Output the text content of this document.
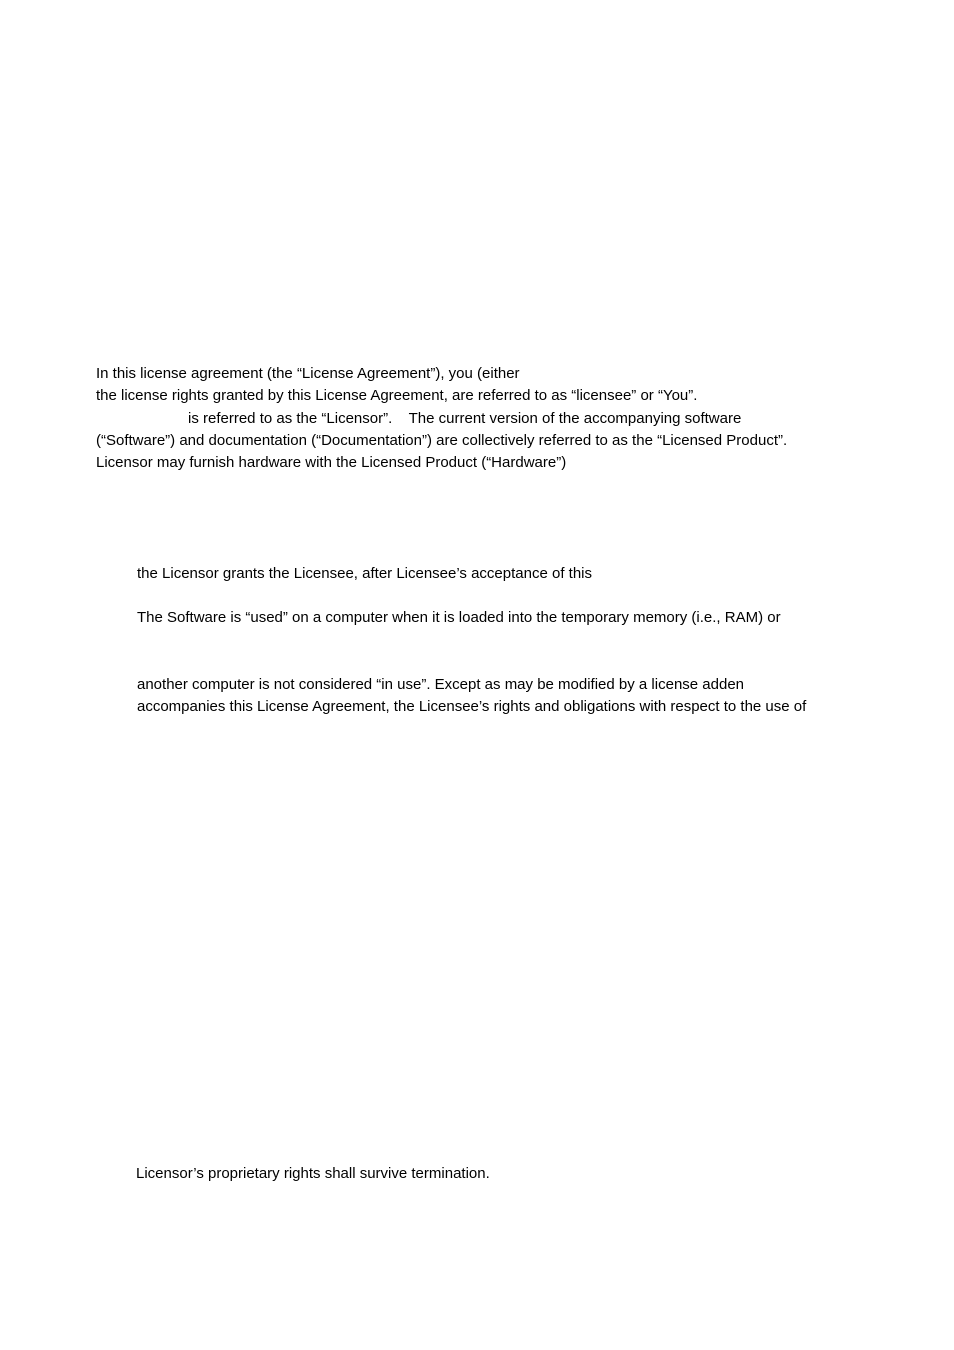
In this license agreement (the “License Agreement”), you (either

the license rights granted by this License Agreement, are referred to as “licensee” or “You”.

is referred to as the “Licensor”.    The current version of the accompanying software

(“Software”) and documentation (“Documentation”) are collectively referred to as the “Licensed Product”.

Licensor may furnish hardware with the Licensed Product (“Hardware”)

the Licensor grants the Licensee, after Licensee’s acceptance of this

The Software is “used” on a computer when it is loaded into the temporary memory (i.e., RAM) or

another computer is not considered “in use”. Except as may be modified by a license adden

accompanies this License Agreement, the Licensee’s rights and obligations with respect to the use of

Licensor’s proprietary rights shall survive termination.
